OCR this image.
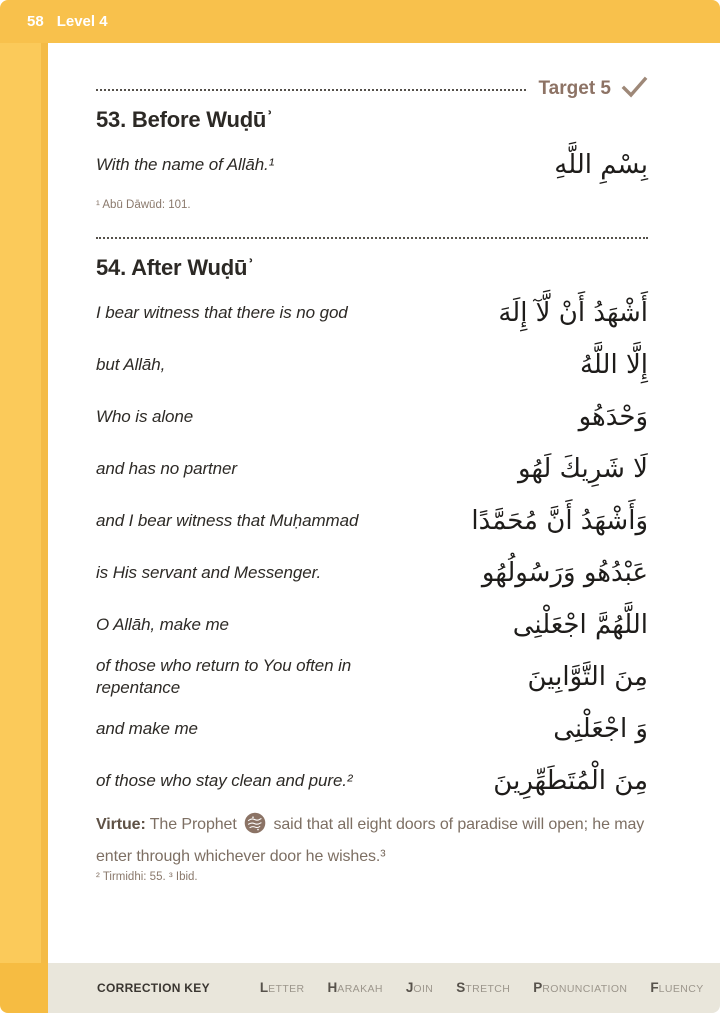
58 Level 4
Target 5
53. Before Wuḍūʾ
With the name of Allāh.¹	بِسْمِ اللَّهِ
¹ Abū Dāwūd: 101.
54. After Wuḍūʾ
I bear witness that there is no god	أَشْهَدُ أَنْ لَّآ إِلَهَ
but Allāh,	إِلَّا اللَّهُ
Who is alone	وَحْدَهُو
and has no partner	لَا شَرِيكَ لَهُو
and I bear witness that Muḥammad	وَأَشْهَدُ أَنَّ مُحَمَّدًا
is His servant and Messenger.	عَبْدُهُو وَرَسُولُهُو
O Allāh, make me	اللَّهُمَّ اجْعَلْنِى
of those who return to You often in repentance	مِنَ التَّوَّابِينَ
and make me	وَ اجْعَلْنِى
of those who stay clean and pure.²	مِنَ الْمُتَطَهِّرِينَ
Virtue: The Prophet said that all eight doors of paradise will open; he may enter through whichever door he wishes.³
² Tirmidhi: 55. ³ Ibid.
CORRECTION KEY	LETTER HARAKAH JOIN STRETCH PRONUNCIATION FLUENCY
